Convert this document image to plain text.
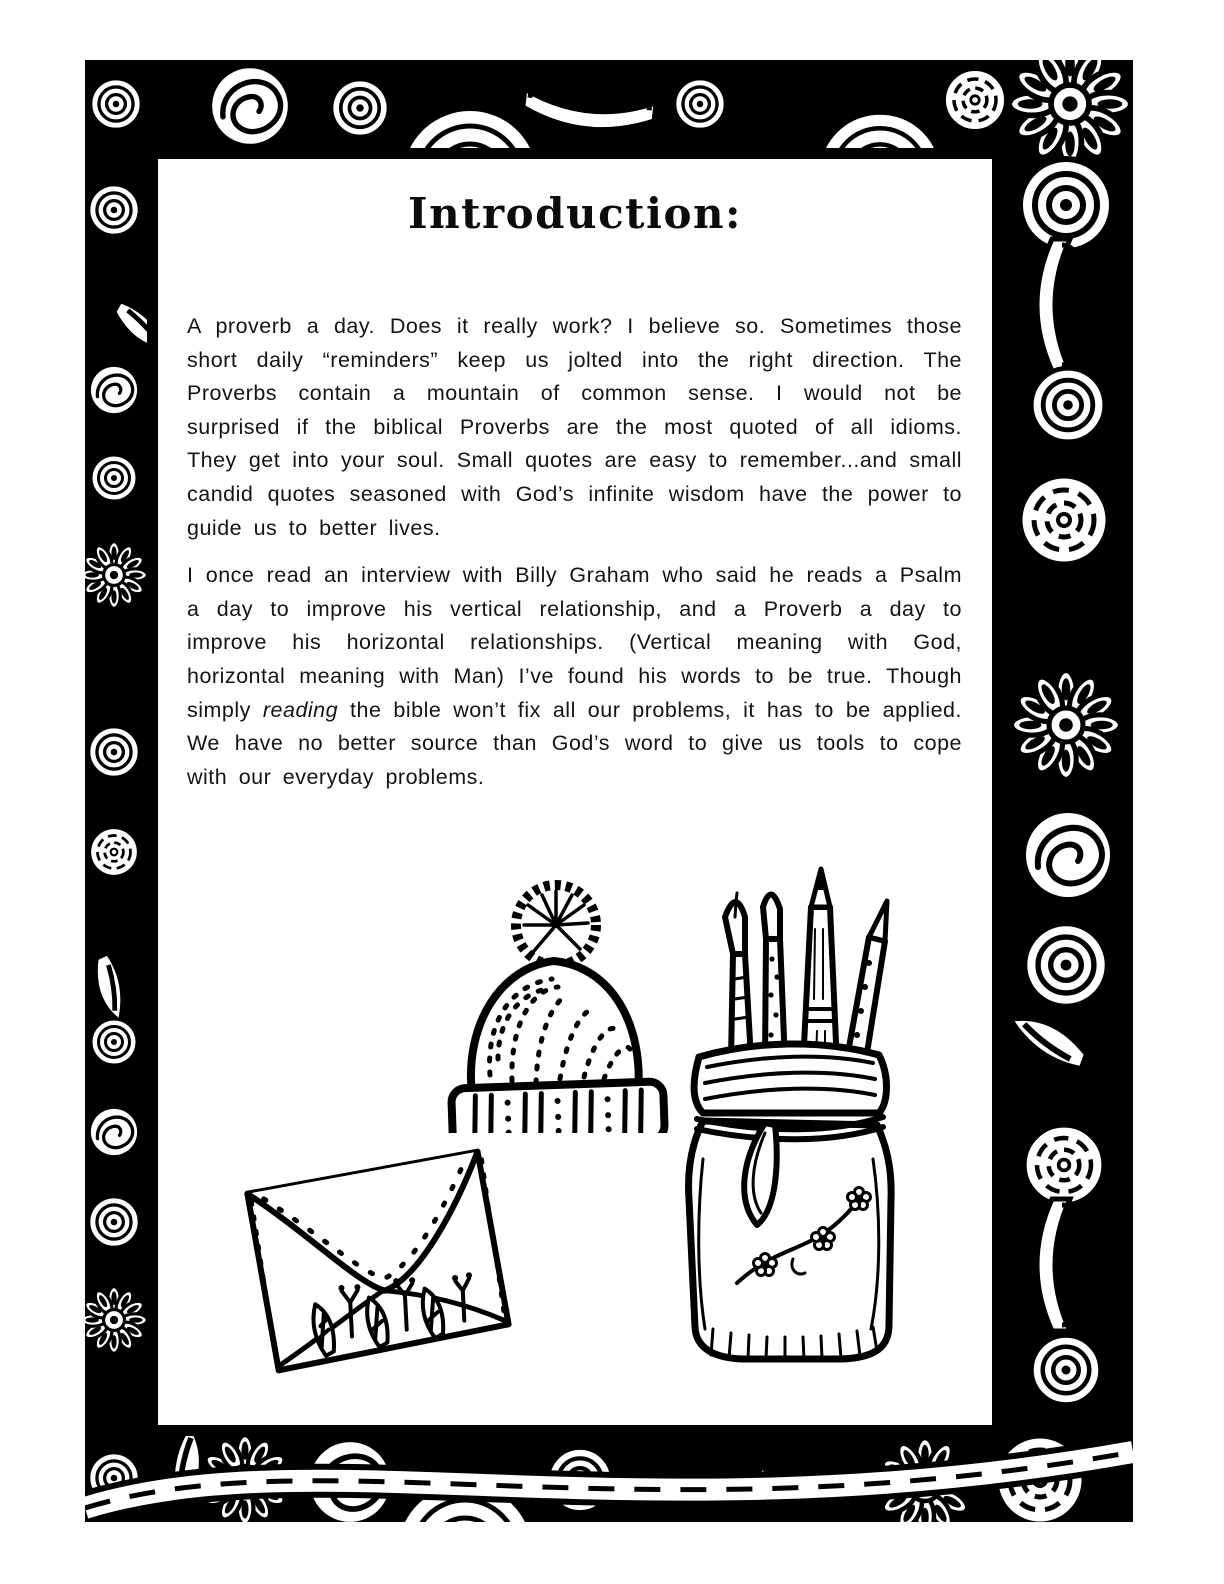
Introduction:

A proverb a day. Does it really work? I believe so. Sometimes those short daily “reminders” keep us jolted into the right direction. The Proverbs contain a mountain of common sense. I would not be surprised if the biblical Proverbs are the most quoted of all idioms. They get into your soul. Small quotes are easy to remember...and small candid quotes seasoned with God’s infinite wisdom have the power to guide us to better lives.

I once read an interview with Billy Graham who said he reads a Psalm a day to improve his vertical relationship, and a Proverb a day to improve his horizontal relationships. (Vertical meaning with God, horizontal meaning with Man) I’ve found his words to be true. Though simply reading the bible won’t fix all our problems, it has to be applied. We have no better source than God’s word to give us tools to cope with our everyday problems.
